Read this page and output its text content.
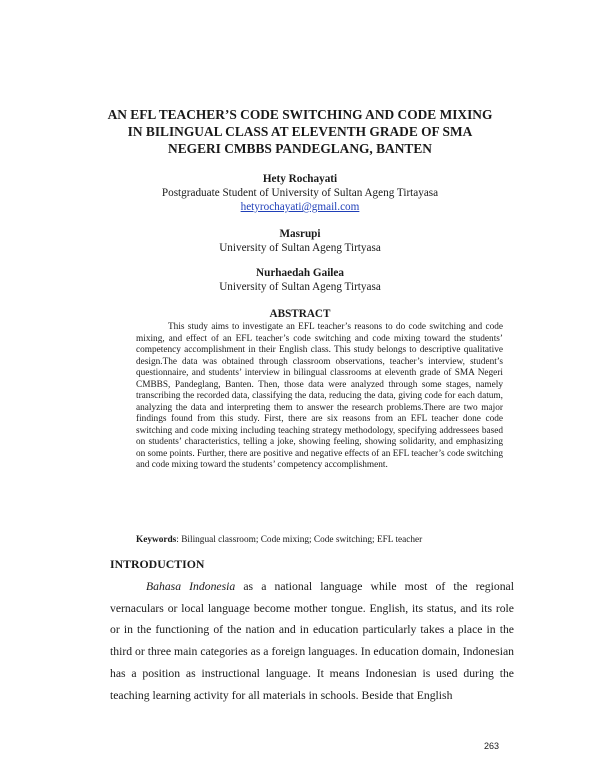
AN EFL TEACHER’S CODE SWITCHING AND CODE MIXING
IN BILINGUAL CLASS AT ELEVENTH GRADE OF SMA
NEGERI CMBBS PANDEGLANG, BANTEN
Hety Rochayati
Postgraduate Student of University of Sultan Ageng Tirtayasa
hetyrochayati@gmail.com
Masrupi
University of Sultan Ageng Tirtyasa
Nurhaedah Gailea
University of Sultan Ageng Tirtyasa
ABSTRACT

This study aims to investigate an EFL teacher’s reasons to do code switching and code mixing, and effect of an EFL teacher’s code switching and code mixing toward the students’ competency accomplishment in their English class. This study belongs to descriptive qualitative design.The data was obtained through classroom observations, teacher’s interview, student’s questionnaire, and students’ interview in bilingual classrooms at eleventh grade of SMA Negeri CMBBS, Pandeglang, Banten. Then, those data were analyzed through some stages, namely transcribing the recorded data, classifying the data, reducing the data, giving code for each datum, analyzing the data and interpreting them to answer the research problems.There are two major findings found from this study. First, there are six reasons from an EFL teacher done code switching and code mixing including teaching strategy methodology, specifying addressees based on students’ characteristics, telling a joke, showing feeling, showing solidarity, and emphasizing on some points. Further, there are positive and negative effects of an EFL teacher’s code switching and code mixing toward the students’ competency accomplishment.

Keywords: Bilingual classroom; Code mixing; Code switching; EFL teacher
INTRODUCTION

Bahasa Indonesia as a national language while most of the regional vernaculars or local language become mother tongue. English, its status, and its role or in the functioning of the nation and in education particularly takes a place in the third or three main categories as a foreign languages. In education domain, Indonesian has a position as instructional language. It means Indonesian is used during the teaching learning activity for all materials in schools. Beside that English

263
